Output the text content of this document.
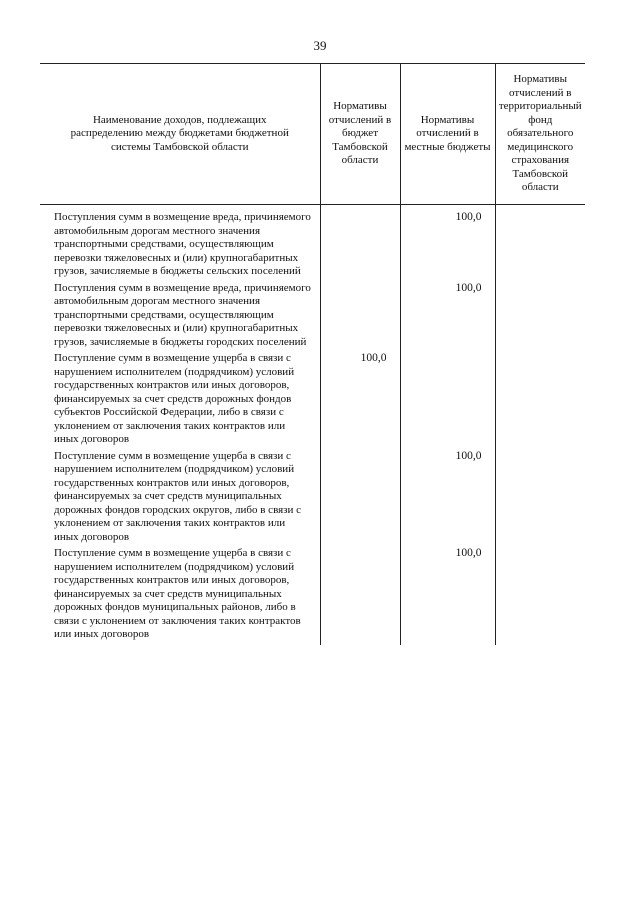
39
Наименование доходов, подлежащих распределению между бюджетами бюджетной системы Тамбовской области	Нормативы отчислений в бюджет Тамбовской области	Нормативы отчислений в местные бюджеты	Нормативы отчислений в территориальный фонд обязательного медицинского страхования Тамбовской области

Поступления сумм в возмещение вреда, причиняемого автомобильным дорогам местного значения транспортными средствами, осуществляющим перевозки тяжеловесных и (или) крупногабаритных грузов, зачисляемые в бюджеты сельских поселений		100,0	
Поступления сумм в возмещение вреда, причиняемого автомобильным дорогам местного значения транспортными средствами, осуществляющим перевозки тяжеловесных и (или) крупногабаритных грузов, зачисляемые в бюджеты городских поселений		100,0	
Поступление сумм в возмещение ущерба в связи с нарушением исполнителем (подрядчиком) условий государственных контрактов или иных договоров, финансируемых за счет средств дорожных фондов субъектов Российской Федерации, либо в связи с уклонением от заключения таких контрактов или иных договоров	100,0		
Поступление сумм в возмещение ущерба в связи с нарушением исполнителем (подрядчиком) условий государственных контрактов или иных договоров, финансируемых за счет средств муниципальных дорожных фондов городских округов, либо в связи с уклонением от заключения таких контрактов или иных договоров		100,0	
Поступление сумм в возмещение ущерба в связи с нарушением исполнителем (подрядчиком) условий государственных контрактов или иных договоров, финансируемых за счет средств муниципальных дорожных фондов муниципальных районов, либо в связи с уклонением от заключения таких контрактов или иных договоров		100,0	
